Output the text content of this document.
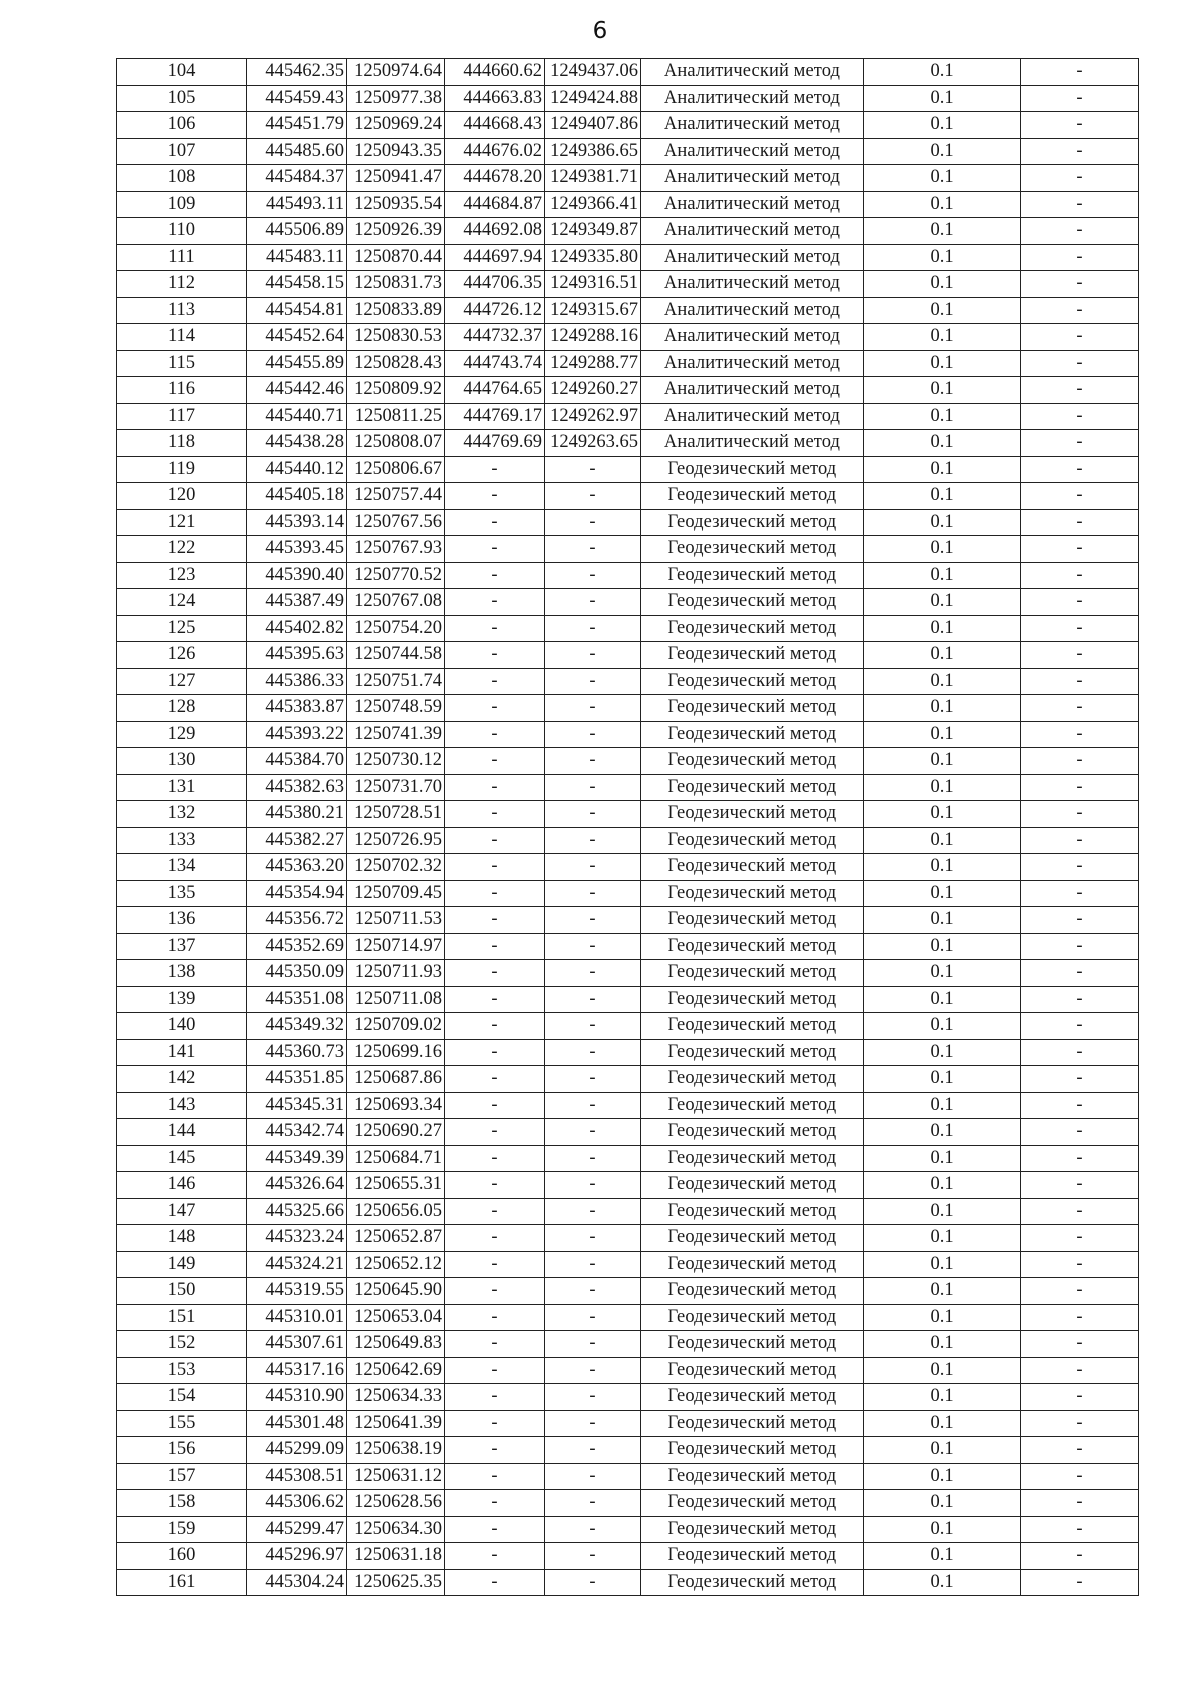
6
104	445462.35	1250974.64	444660.62	1249437.06	Аналитический метод	0.1	-
105	445459.43	1250977.38	444663.83	1249424.88	Аналитический метод	0.1	-
106	445451.79	1250969.24	444668.43	1249407.86	Аналитический метод	0.1	-
107	445485.60	1250943.35	444676.02	1249386.65	Аналитический метод	0.1	-
108	445484.37	1250941.47	444678.20	1249381.71	Аналитический метод	0.1	-
109	445493.11	1250935.54	444684.87	1249366.41	Аналитический метод	0.1	-
110	445506.89	1250926.39	444692.08	1249349.87	Аналитический метод	0.1	-
111	445483.11	1250870.44	444697.94	1249335.80	Аналитический метод	0.1	-
112	445458.15	1250831.73	444706.35	1249316.51	Аналитический метод	0.1	-
113	445454.81	1250833.89	444726.12	1249315.67	Аналитический метод	0.1	-
114	445452.64	1250830.53	444732.37	1249288.16	Аналитический метод	0.1	-
115	445455.89	1250828.43	444743.74	1249288.77	Аналитический метод	0.1	-
116	445442.46	1250809.92	444764.65	1249260.27	Аналитический метод	0.1	-
117	445440.71	1250811.25	444769.17	1249262.97	Аналитический метод	0.1	-
118	445438.28	1250808.07	444769.69	1249263.65	Аналитический метод	0.1	-
119	445440.12	1250806.67	-	-	Геодезический метод	0.1	-
120	445405.18	1250757.44	-	-	Геодезический метод	0.1	-
121	445393.14	1250767.56	-	-	Геодезический метод	0.1	-
122	445393.45	1250767.93	-	-	Геодезический метод	0.1	-
123	445390.40	1250770.52	-	-	Геодезический метод	0.1	-
124	445387.49	1250767.08	-	-	Геодезический метод	0.1	-
125	445402.82	1250754.20	-	-	Геодезический метод	0.1	-
126	445395.63	1250744.58	-	-	Геодезический метод	0.1	-
127	445386.33	1250751.74	-	-	Геодезический метод	0.1	-
128	445383.87	1250748.59	-	-	Геодезический метод	0.1	-
129	445393.22	1250741.39	-	-	Геодезический метод	0.1	-
130	445384.70	1250730.12	-	-	Геодезический метод	0.1	-
131	445382.63	1250731.70	-	-	Геодезический метод	0.1	-
132	445380.21	1250728.51	-	-	Геодезический метод	0.1	-
133	445382.27	1250726.95	-	-	Геодезический метод	0.1	-
134	445363.20	1250702.32	-	-	Геодезический метод	0.1	-
135	445354.94	1250709.45	-	-	Геодезический метод	0.1	-
136	445356.72	1250711.53	-	-	Геодезический метод	0.1	-
137	445352.69	1250714.97	-	-	Геодезический метод	0.1	-
138	445350.09	1250711.93	-	-	Геодезический метод	0.1	-
139	445351.08	1250711.08	-	-	Геодезический метод	0.1	-
140	445349.32	1250709.02	-	-	Геодезический метод	0.1	-
141	445360.73	1250699.16	-	-	Геодезический метод	0.1	-
142	445351.85	1250687.86	-	-	Геодезический метод	0.1	-
143	445345.31	1250693.34	-	-	Геодезический метод	0.1	-
144	445342.74	1250690.27	-	-	Геодезический метод	0.1	-
145	445349.39	1250684.71	-	-	Геодезический метод	0.1	-
146	445326.64	1250655.31	-	-	Геодезический метод	0.1	-
147	445325.66	1250656.05	-	-	Геодезический метод	0.1	-
148	445323.24	1250652.87	-	-	Геодезический метод	0.1	-
149	445324.21	1250652.12	-	-	Геодезический метод	0.1	-
150	445319.55	1250645.90	-	-	Геодезический метод	0.1	-
151	445310.01	1250653.04	-	-	Геодезический метод	0.1	-
152	445307.61	1250649.83	-	-	Геодезический метод	0.1	-
153	445317.16	1250642.69	-	-	Геодезический метод	0.1	-
154	445310.90	1250634.33	-	-	Геодезический метод	0.1	-
155	445301.48	1250641.39	-	-	Геодезический метод	0.1	-
156	445299.09	1250638.19	-	-	Геодезический метод	0.1	-
157	445308.51	1250631.12	-	-	Геодезический метод	0.1	-
158	445306.62	1250628.56	-	-	Геодезический метод	0.1	-
159	445299.47	1250634.30	-	-	Геодезический метод	0.1	-
160	445296.97	1250631.18	-	-	Геодезический метод	0.1	-
161	445304.24	1250625.35	-	-	Геодезический метод	0.1	-
